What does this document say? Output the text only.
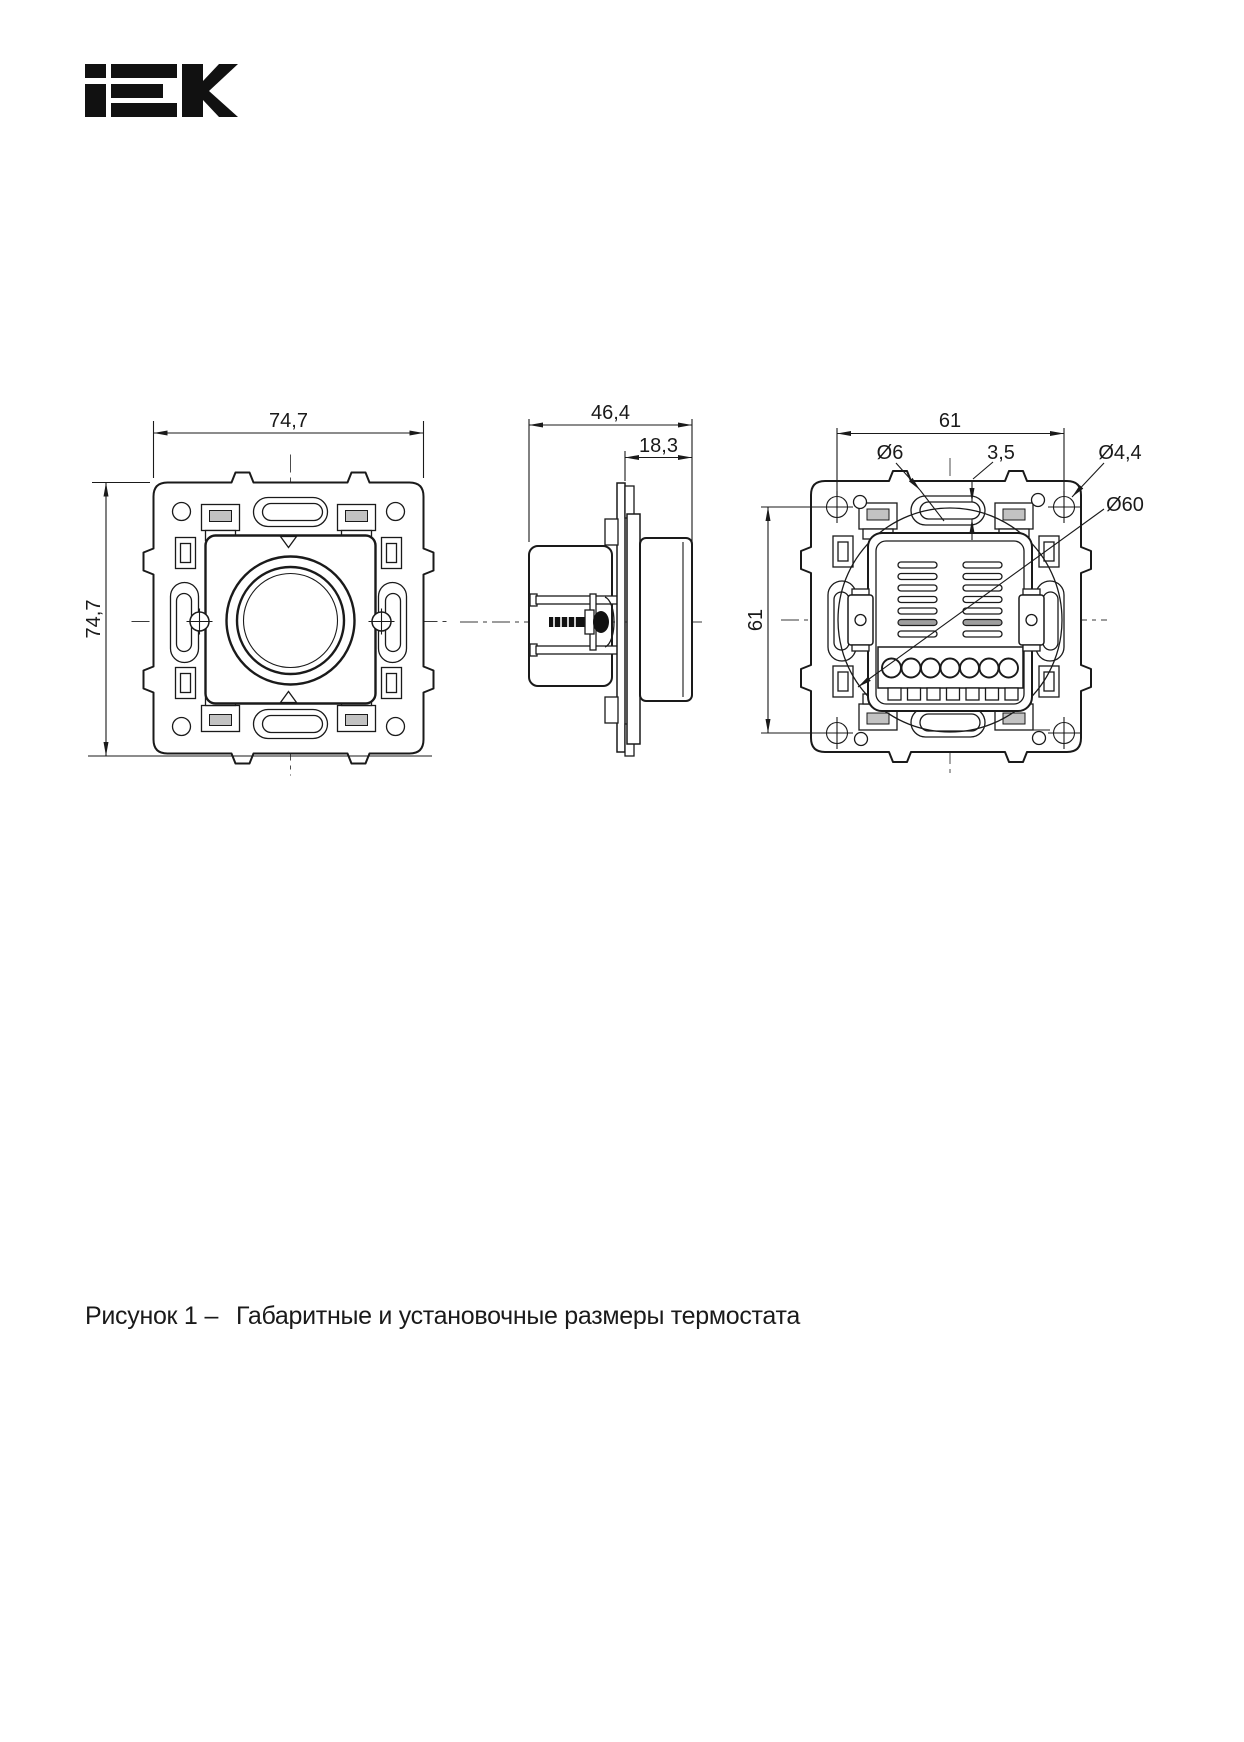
74,7
74,7
46,4
18,3
61
61
Ø6	3,5	Ø4,4
Ø60
Рисунок 1 – Габаритные и установочные размеры термостата
